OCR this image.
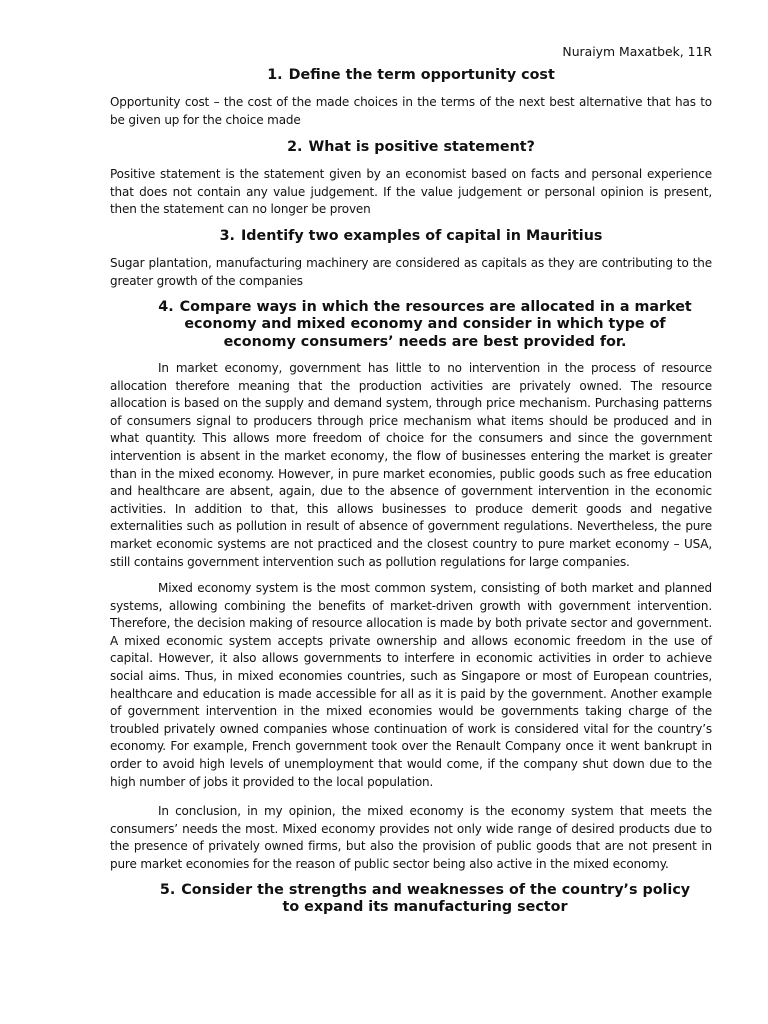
Nuraiym Maxatbek, 11R
1. Define the term opportunity cost

Opportunity cost – the cost of the made choices in the terms of the next best alternative that has to be given up for the choice made

2. What is positive statement?

Positive statement is the statement given by an economist based on facts and personal experience that does not contain any value judgement. If the value judgement or personal opinion is present, then the statement can no longer be proven

3. Identify two examples of capital in Mauritius

Sugar plantation, manufacturing machinery are considered as capitals as they are contributing to the greater growth of the companies

4. Compare ways in which the resources are allocated in a market economy and mixed economy and consider in which type of economy consumers’ needs are best provided for.

In market economy, government has little to no intervention in the process of resource allocation therefore meaning that the production activities are privately owned. The resource allocation is based on the supply and demand system, through price mechanism. Purchasing patterns of consumers signal to producers through price mechanism what items should be produced and in what quantity. This allows more freedom of choice for the consumers and since the government intervention is absent in the market economy, the flow of businesses entering the market is greater than in the mixed economy. However, in pure market economies, public goods such as free education and healthcare are absent, again, due to the absence of government intervention in the economic activities. In addition to that, this allows businesses to produce demerit goods and negative externalities such as pollution in result of absence of government regulations. Nevertheless, the pure market economic systems are not practiced and the closest country to pure market economy – USA, still contains government intervention such as pollution regulations for large companies.

Mixed economy system is the most common system, consisting of both market and planned systems, allowing combining the benefits of market-driven growth with government intervention. Therefore, the decision making of resource allocation is made by both private sector and government. A mixed economic system accepts private ownership and allows economic freedom in the use of capital. However, it also allows governments to interfere in economic activities in order to achieve social aims. Thus, in mixed economies countries, such as Singapore or most of European countries, healthcare and education is made accessible for all as it is paid by the government. Another example of government intervention in the mixed economies would be governments taking charge of the troubled privately owned companies whose continuation of work is considered vital for the country’s economy. For example, French government took over the Renault Company once it went bankrupt in order to avoid high levels of unemployment that would come, if the company shut down due to the high number of jobs it provided to the local population.

In conclusion, in my opinion, the mixed economy is the economy system that meets the consumers’ needs the most. Mixed economy provides not only wide range of desired products due to the presence of privately owned firms, but also the provision of public goods that are not present in pure market economies for the reason of public sector being also active in the mixed economy.

5. Consider the strengths and weaknesses of the country’s policy to expand its manufacturing sector
